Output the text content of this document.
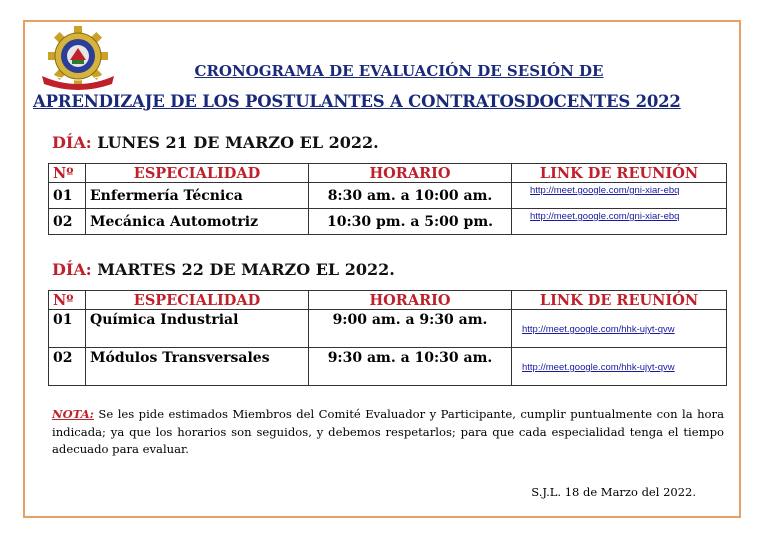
CRONOGRAMA DE EVALUACIÓN DE SESIÓN DE
APRENDIZAJE DE LOS POSTULANTES A CONTRATOSDOCENTES 2022
DÍA: LUNES 21 DE MARZO EL 2022.
Nº	ESPECIALIDAD	HORARIO	LINK DE REUNIÓN
01	Enfermería Técnica	8:30 am. a 10:00 am.	http://meet.google.com/gni-xiar-ebq
02	Mecánica Automotriz	10:30 pm. a 5:00 pm.	http://meet.google.com/gni-xiar-ebq
DÍA: MARTES 22 DE MARZO EL 2022.
Nº	ESPECIALIDAD	HORARIO	LINK DE REUNIÓN
01	Química Industrial	9:00 am. a 9:30 am.	http://meet.google.com/hhk-ujyt-qvw
02	Módulos Transversales	9:30 am. a 10:30 am.	http://meet.google.com/hhk-ujyt-qvw
NOTA: Se les pide estimados Miembros del Comité Evaluador y Participante, cumplir puntualmente con la hora indicada; ya que los horarios son seguidos, y debemos respetarlos; para que cada especialidad tenga el tiempo adecuado para evaluar.
S.J.L. 18 de Marzo del 2022.
